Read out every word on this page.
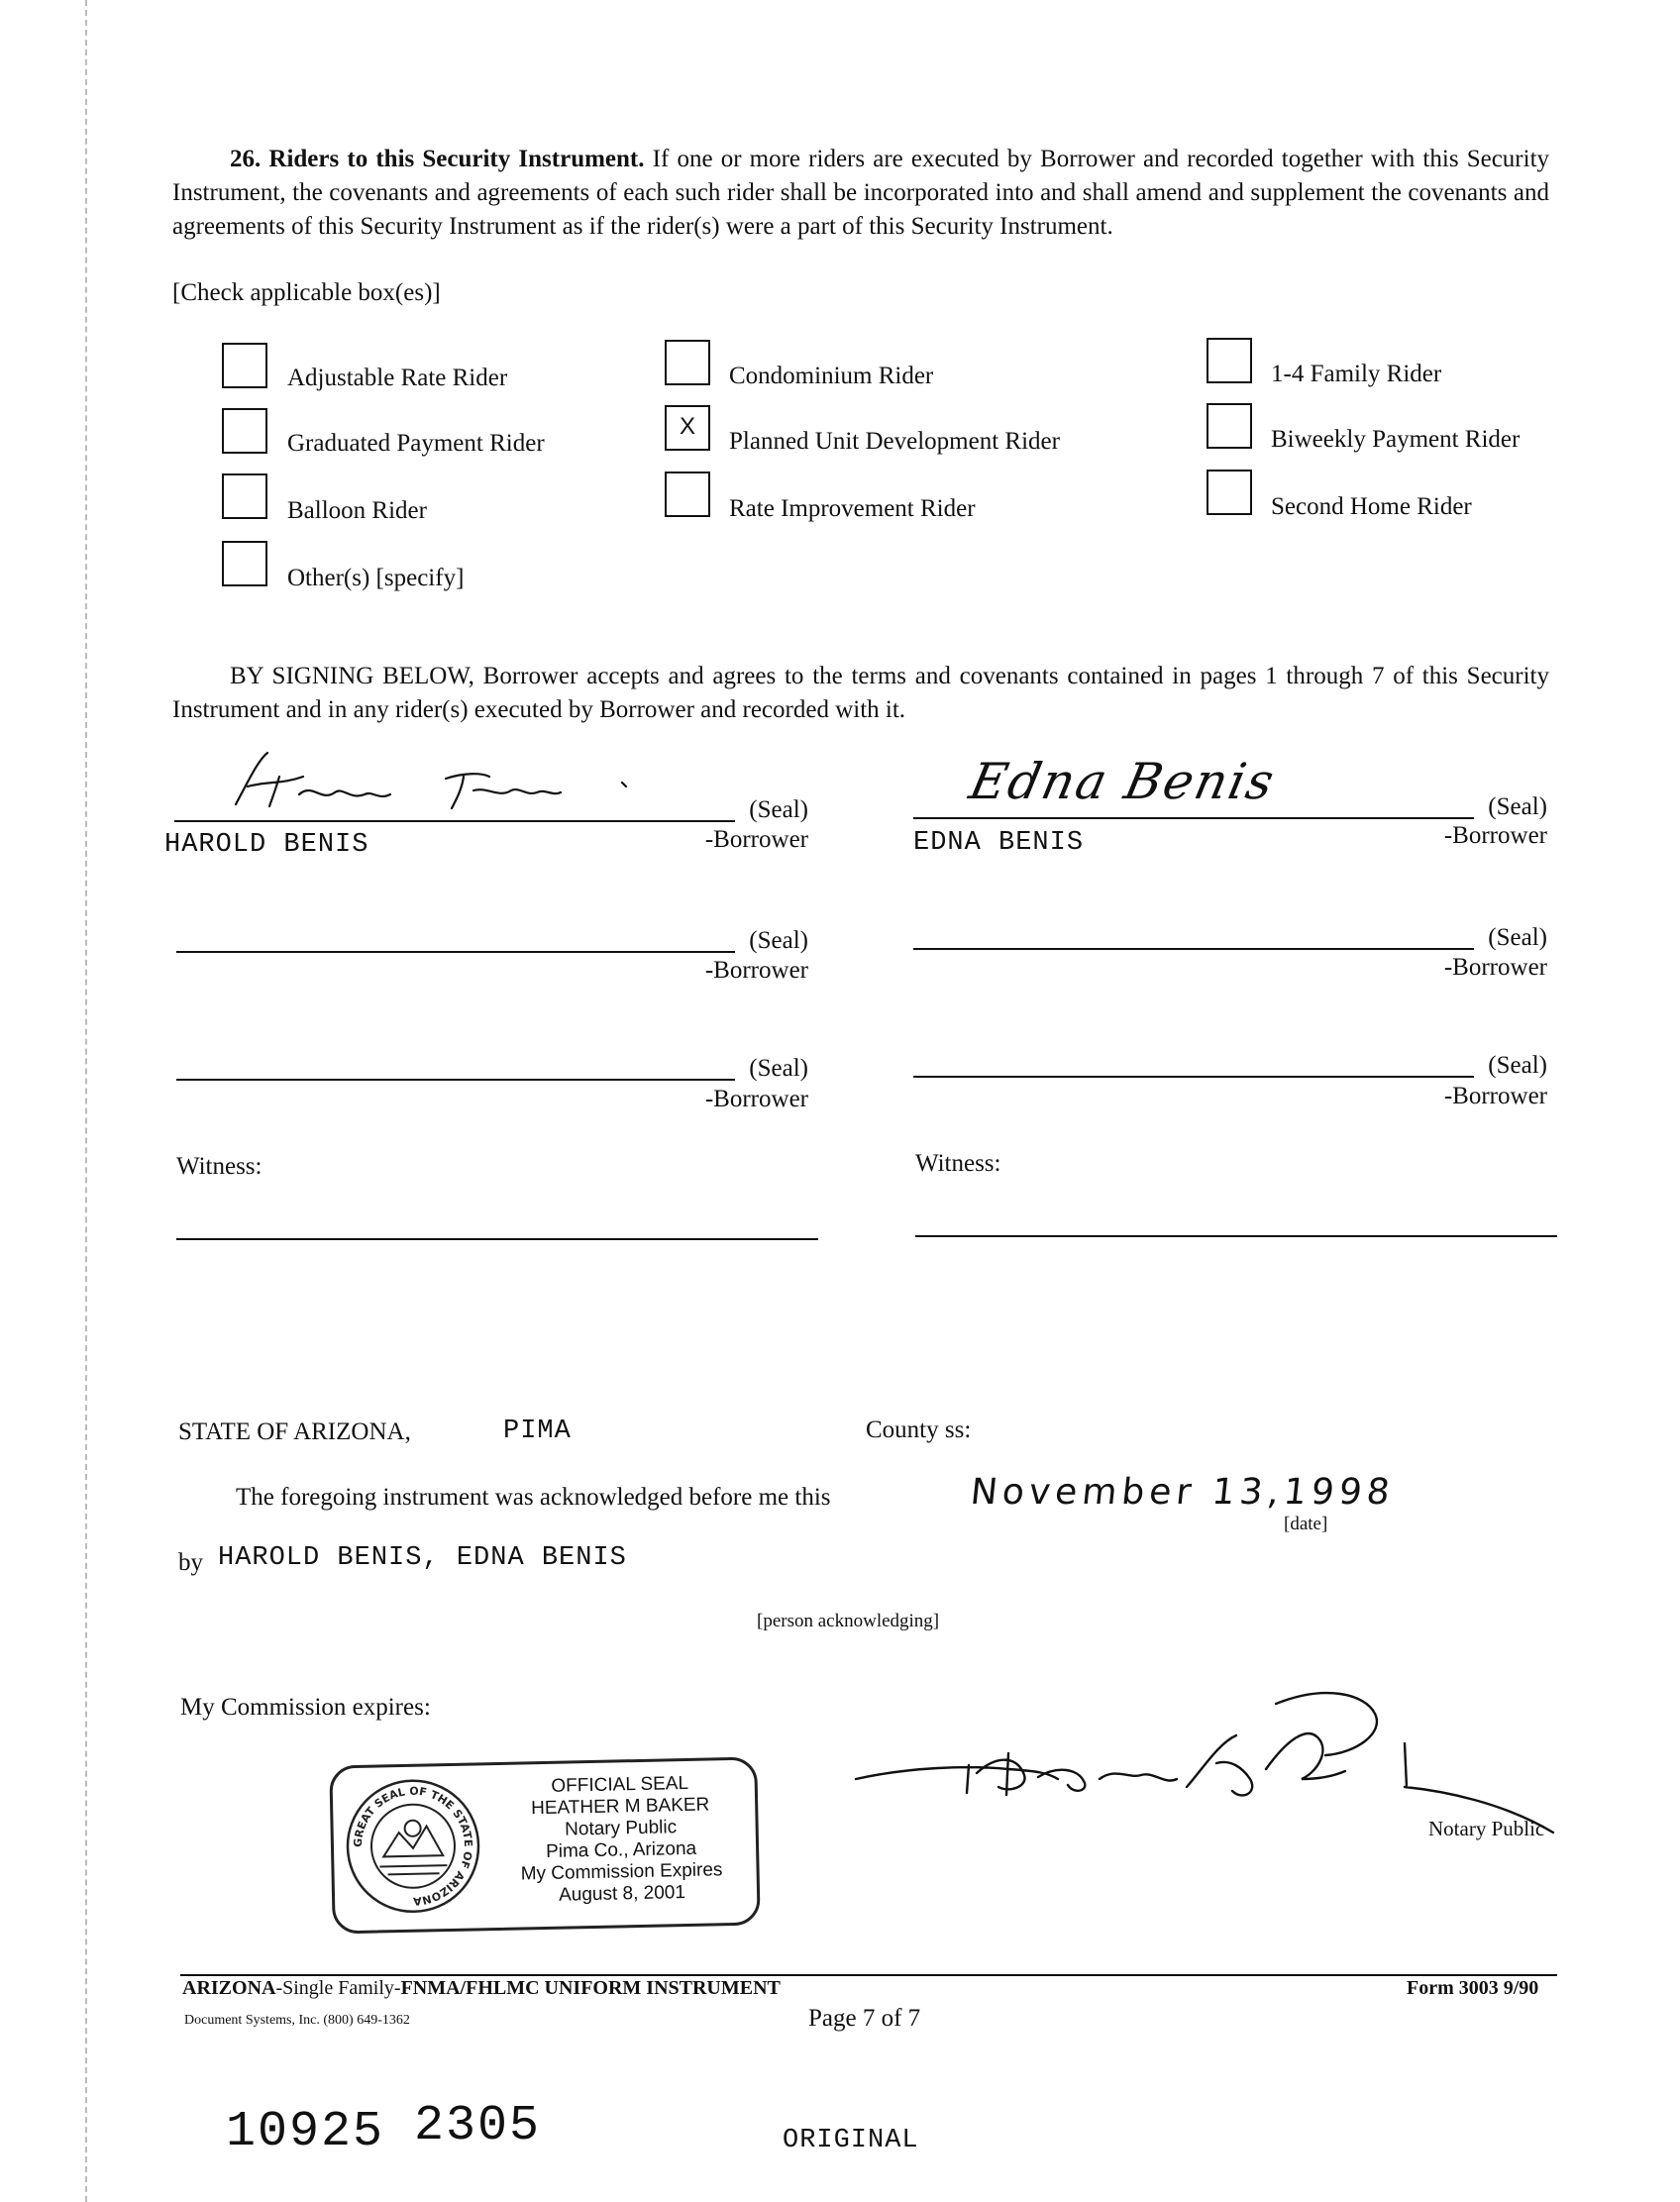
26. Riders to this Security Instrument. If one or more riders are executed by Borrower and recorded together with this Security Instrument, the covenants and agreements of each such rider shall be incorporated into and shall amend and supplement the covenants and agreements of this Security Instrument as if the rider(s) were a part of this Security Instrument.
[Check applicable box(es)]
Adjustable Rate Rider	Condominium Rider	1-4 Family Rider
Graduated Payment Rider
X
Planned Unit Development Rider	Biweekly Payment Rider
Balloon Rider	Rate Improvement Rider	Second Home Rider
Other(s) [specify]
BY SIGNING BELOW, Borrower accepts and agrees to the terms and covenants contained in pages 1 through 7 of this Security Instrument and in any rider(s) executed by Borrower and recorded with it.
(Seal)
HAROLD BENIS	-Borrower
Edna Benis	(Seal)
EDNA BENIS	-Borrower
(Seal)
-Borrower
(Seal)
-Borrower
(Seal)
-Borrower
(Seal)
-Borrower
Witness:	Witness:
STATE OF ARIZONA,	PIMA	County ss:
The foregoing instrument was acknowledged before me this	November 13,1998
[date]
by HAROLD BENIS, EDNA BENIS
[person acknowledging]
My Commission expires:
GREAT SEAL OF THE STATE OF ARIZONA
OFFICIAL SEAL
HEATHER M BAKER
Notary Public
Pima Co., Arizona
My Commission Expires
August 8, 2001
Notary Public
ARIZONA-Single Family-FNMA/FHLMC UNIFORM INSTRUMENT	Form 3003 9/90
Document Systems, Inc. (800) 649-1362	Page 7 of 7
10925 2305	ORIGINAL
